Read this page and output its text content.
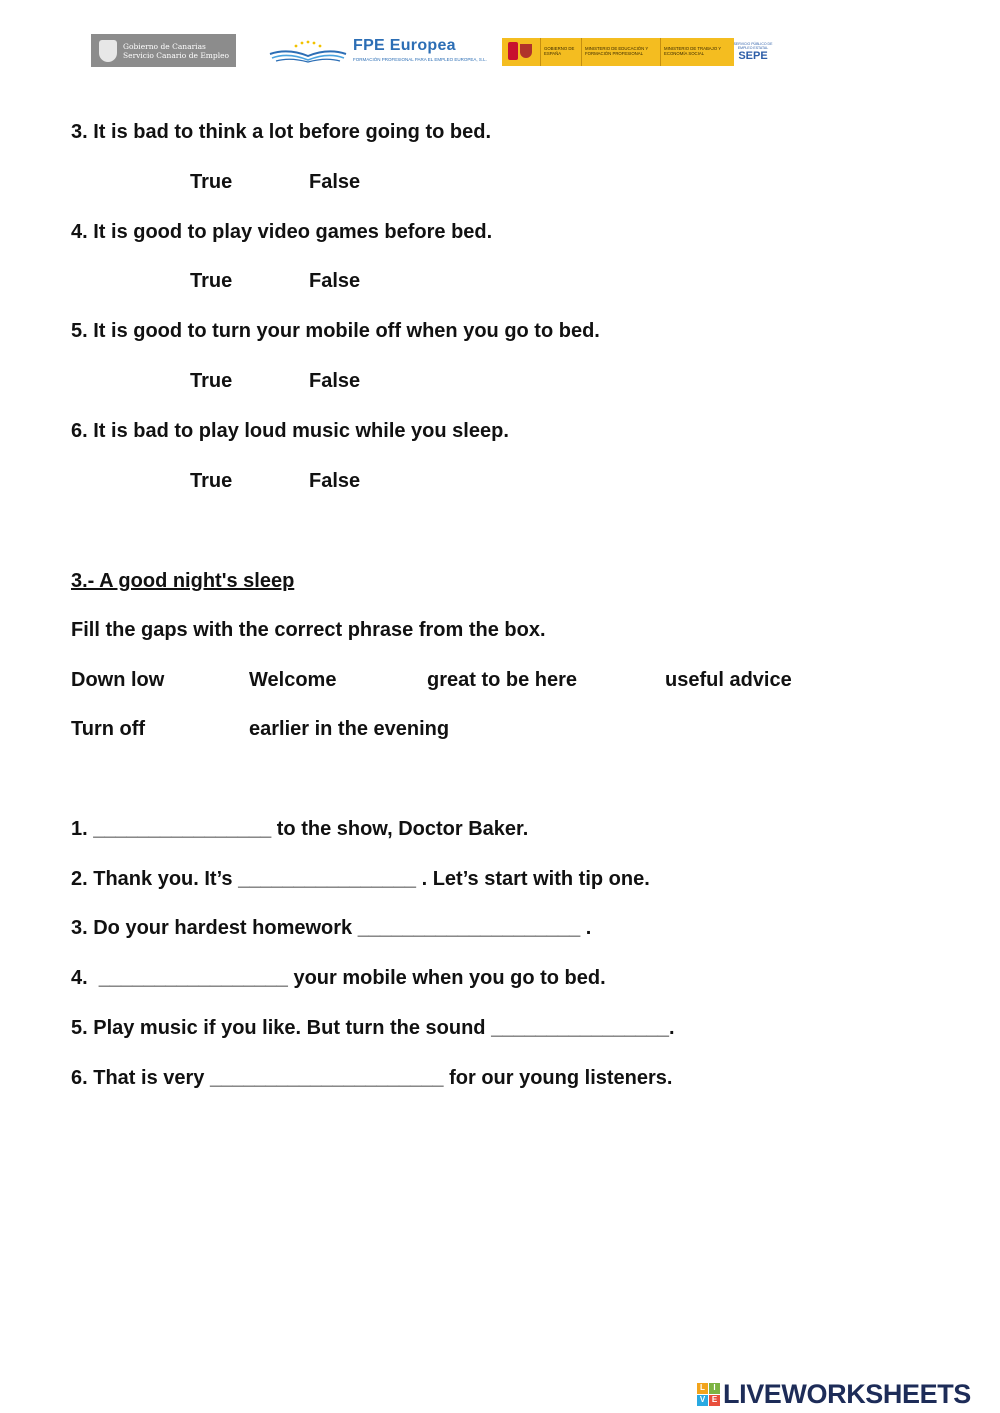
Gobierno de Canarias
Servicio Canario de Empleo
FPE Europea
FORMACIÓN PROFESIONAL PARA EL EMPLEO EUROPEA, S.L.
GOBIERNO DE ESPAÑA
MINISTERIO DE EDUCACIÓN Y FORMACIÓN PROFESIONAL
MINISTERIO DE TRABAJO Y ECONOMÍA SOCIAL
SERVICIO PÚBLICO DE EMPLEO ESTATAL
SEPE
3. It is bad to think a lot before going to bed.
True	False
4. It is good to play video games before bed.
True	False
5. It is good to turn your mobile off when you go to bed.
True	False
6. It is bad to play loud music while you sleep.
True	False
3.- A good night's sleep
Fill the gaps with the correct phrase from the box.
Down low	Welcome	great to be here	useful advice
Turn off	earlier in the evening
1. ________________ to the show, Doctor Baker.
2. Thank you. It’s ________________ . Let’s start with tip one.
3. Do your hardest homework ____________________ .
4.  _________________ your mobile when you go to bed.
5. Play music if you like. But turn the sound ________________.
6. That is very _____________________ for our young listeners.
L	I
V E LIVEWORKSHEETS
